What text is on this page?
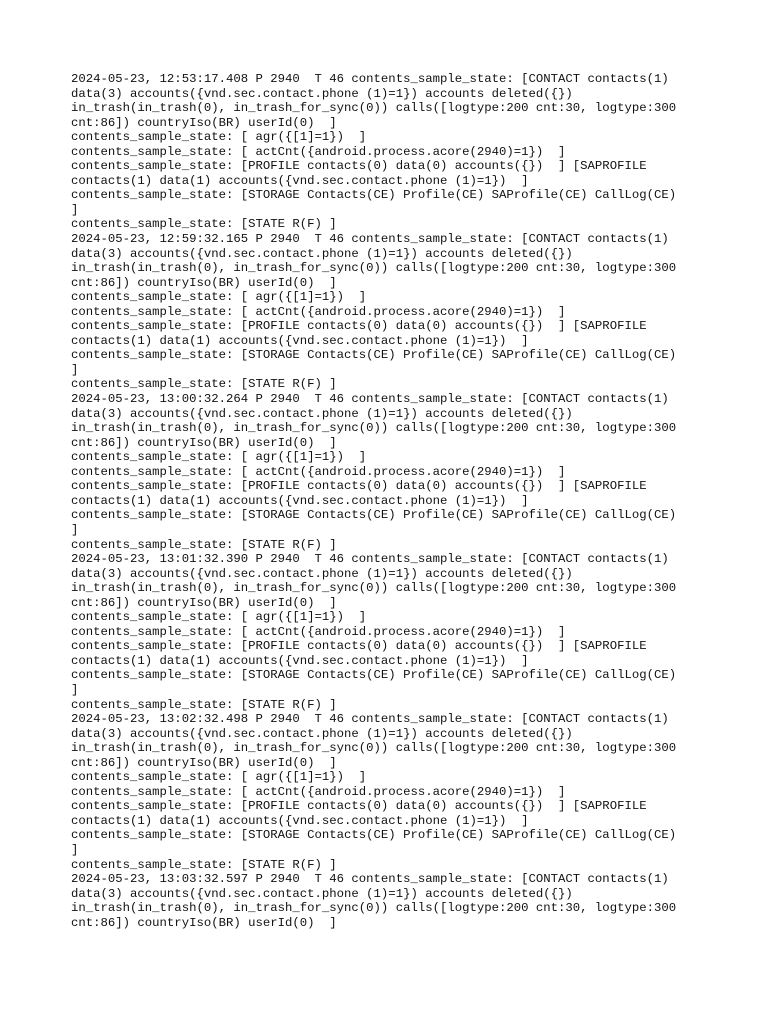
2024-05-23, 12:53:17.408 P 2940  T 46 contents_sample_state: [CONTACT contacts(1)
data(3) accounts({vnd.sec.contact.phone (1)=1}) accounts deleted({})
in_trash(in_trash(0), in_trash_for_sync(0)) calls([logtype:200 cnt:30, logtype:300
cnt:86]) countryIso(BR) userId(0)  ]
contents_sample_state: [ agr({[1]=1})  ]
contents_sample_state: [ actCnt({android.process.acore(2940)=1})  ]
contents_sample_state: [PROFILE contacts(0) data(0) accounts({})  ] [SAPROFILE
contacts(1) data(1) accounts({vnd.sec.contact.phone (1)=1})  ]
contents_sample_state: [STORAGE Contacts(CE) Profile(CE) SAProfile(CE) CallLog(CE)
]
contents_sample_state: [STATE R(F) ]
2024-05-23, 12:59:32.165 P 2940  T 46 contents_sample_state: [CONTACT contacts(1)
data(3) accounts({vnd.sec.contact.phone (1)=1}) accounts deleted({})
in_trash(in_trash(0), in_trash_for_sync(0)) calls([logtype:200 cnt:30, logtype:300
cnt:86]) countryIso(BR) userId(0)  ]
contents_sample_state: [ agr({[1]=1})  ]
contents_sample_state: [ actCnt({android.process.acore(2940)=1})  ]
contents_sample_state: [PROFILE contacts(0) data(0) accounts({})  ] [SAPROFILE
contacts(1) data(1) accounts({vnd.sec.contact.phone (1)=1})  ]
contents_sample_state: [STORAGE Contacts(CE) Profile(CE) SAProfile(CE) CallLog(CE)
]
contents_sample_state: [STATE R(F) ]
2024-05-23, 13:00:32.264 P 2940  T 46 contents_sample_state: [CONTACT contacts(1)
data(3) accounts({vnd.sec.contact.phone (1)=1}) accounts deleted({})
in_trash(in_trash(0), in_trash_for_sync(0)) calls([logtype:200 cnt:30, logtype:300
cnt:86]) countryIso(BR) userId(0)  ]
contents_sample_state: [ agr({[1]=1})  ]
contents_sample_state: [ actCnt({android.process.acore(2940)=1})  ]
contents_sample_state: [PROFILE contacts(0) data(0) accounts({})  ] [SAPROFILE
contacts(1) data(1) accounts({vnd.sec.contact.phone (1)=1})  ]
contents_sample_state: [STORAGE Contacts(CE) Profile(CE) SAProfile(CE) CallLog(CE)
]
contents_sample_state: [STATE R(F) ]
2024-05-23, 13:01:32.390 P 2940  T 46 contents_sample_state: [CONTACT contacts(1)
data(3) accounts({vnd.sec.contact.phone (1)=1}) accounts deleted({})
in_trash(in_trash(0), in_trash_for_sync(0)) calls([logtype:200 cnt:30, logtype:300
cnt:86]) countryIso(BR) userId(0)  ]
contents_sample_state: [ agr({[1]=1})  ]
contents_sample_state: [ actCnt({android.process.acore(2940)=1})  ]
contents_sample_state: [PROFILE contacts(0) data(0) accounts({})  ] [SAPROFILE
contacts(1) data(1) accounts({vnd.sec.contact.phone (1)=1})  ]
contents_sample_state: [STORAGE Contacts(CE) Profile(CE) SAProfile(CE) CallLog(CE)
]
contents_sample_state: [STATE R(F) ]
2024-05-23, 13:02:32.498 P 2940  T 46 contents_sample_state: [CONTACT contacts(1)
data(3) accounts({vnd.sec.contact.phone (1)=1}) accounts deleted({})
in_trash(in_trash(0), in_trash_for_sync(0)) calls([logtype:200 cnt:30, logtype:300
cnt:86]) countryIso(BR) userId(0)  ]
contents_sample_state: [ agr({[1]=1})  ]
contents_sample_state: [ actCnt({android.process.acore(2940)=1})  ]
contents_sample_state: [PROFILE contacts(0) data(0) accounts({})  ] [SAPROFILE
contacts(1) data(1) accounts({vnd.sec.contact.phone (1)=1})  ]
contents_sample_state: [STORAGE Contacts(CE) Profile(CE) SAProfile(CE) CallLog(CE)
]
contents_sample_state: [STATE R(F) ]
2024-05-23, 13:03:32.597 P 2940  T 46 contents_sample_state: [CONTACT contacts(1)
data(3) accounts({vnd.sec.contact.phone (1)=1}) accounts deleted({})
in_trash(in_trash(0), in_trash_for_sync(0)) calls([logtype:200 cnt:30, logtype:300
cnt:86]) countryIso(BR) userId(0)  ]
